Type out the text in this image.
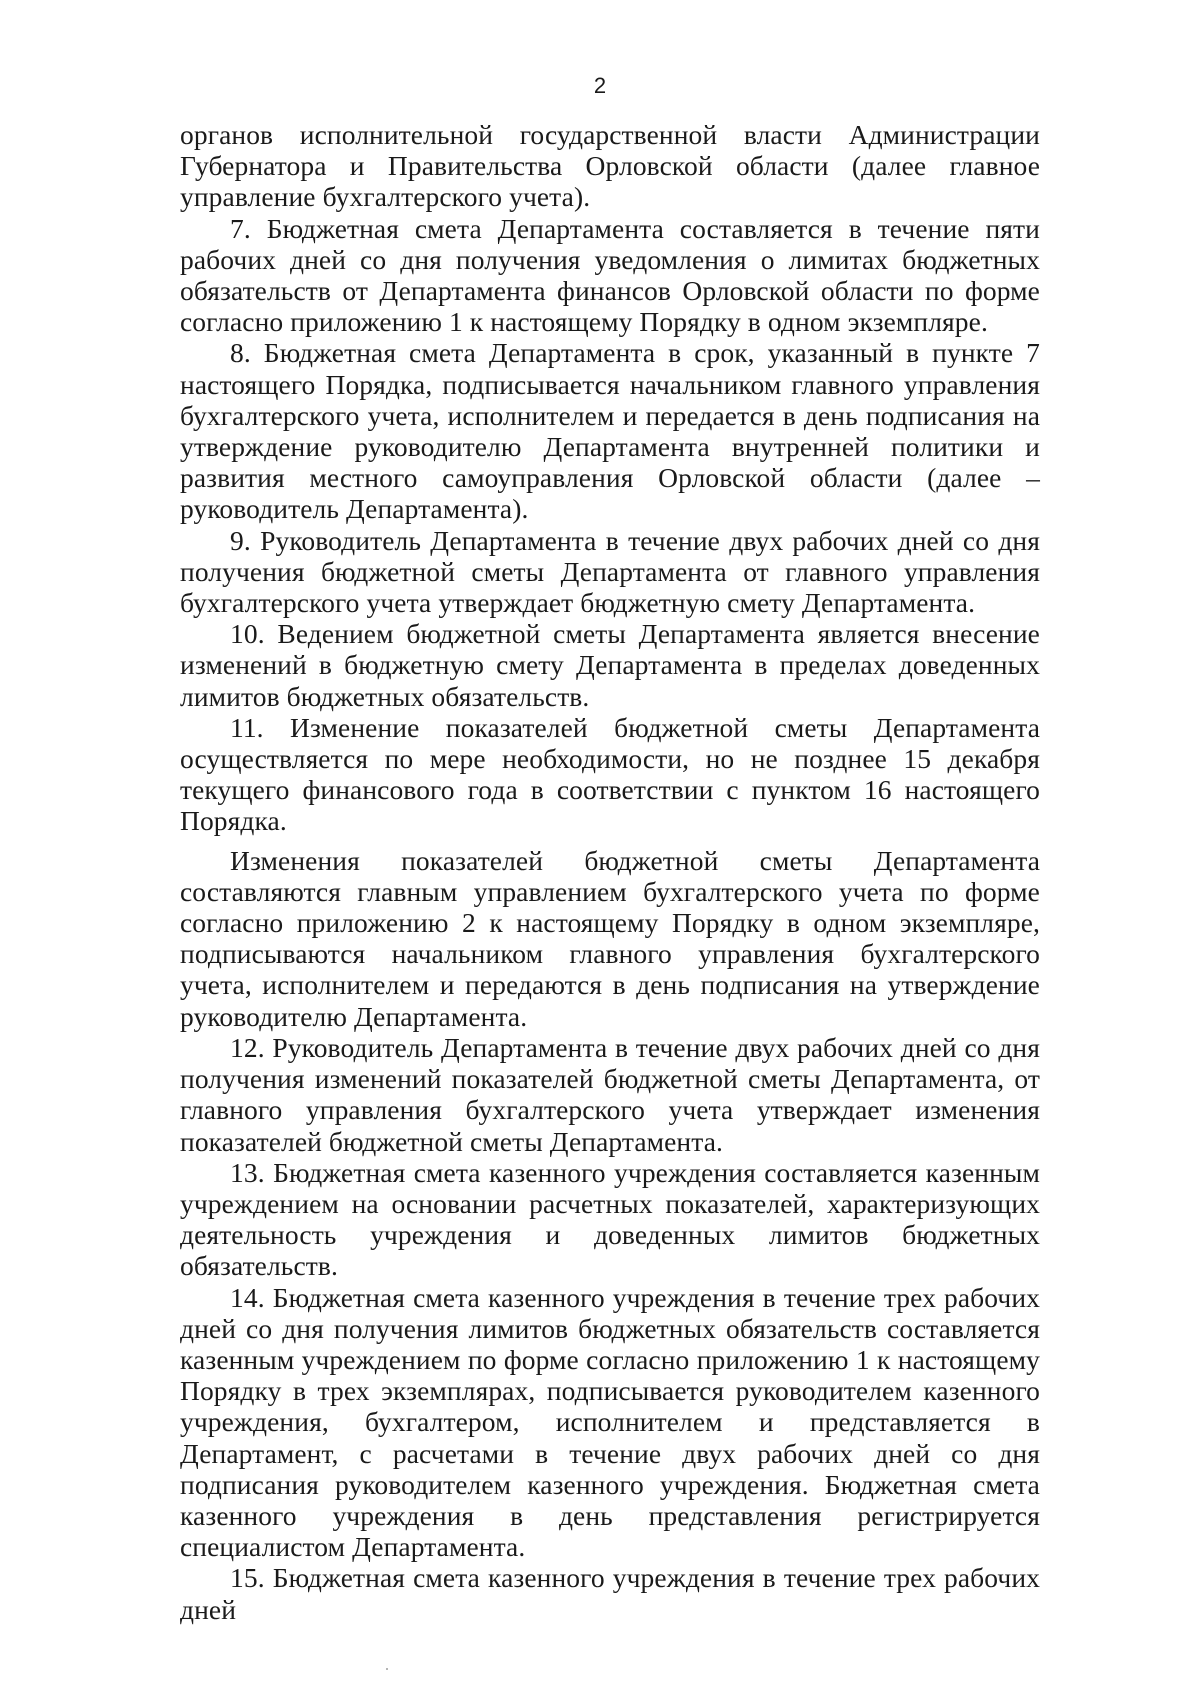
2

органов исполнительной государственной власти Администрации Губернатора и Правительства Орловской области (далее главное управление бухгалтерского учета).

7. Бюджетная смета Департамента составляется в течение пяти рабочих дней со дня получения уведомления о лимитах бюджетных обязательств от Департамента финансов Орловской области по форме согласно приложению 1 к настоящему Порядку в одном экземпляре.

8. Бюджетная смета Департамента в срок, указанный в пункте 7 настоящего Порядка, подписывается начальником главного управления бухгалтерского учета, исполнителем и передается в день подписания на утверждение руководителю Департамента внутренней политики и развития местного самоуправления Орловской области (далее – руководитель Департамента).

9. Руководитель Департамента в течение двух рабочих дней со дня получения бюджетной сметы Департамента от главного управления бухгалтерского учета утверждает бюджетную смету Департамента.

10. Ведением бюджетной сметы Департамента является внесение изменений в бюджетную смету Департамента в пределах доведенных лимитов бюджетных обязательств.

11. Изменение показателей бюджетной сметы Департамента осуществляется по мере необходимости, но не позднее 15 декабря текущего финансового года в соответствии с пунктом 16 настоящего Порядка.

Изменения показателей бюджетной сметы Департамента составляются главным управлением бухгалтерского учета по форме согласно приложению 2 к настоящему Порядку в одном экземпляре, подписываются начальником главного управления бухгалтерского учета, исполнителем и передаются в день подписания на утверждение руководителю Департамента.

12. Руководитель Департамента в течение двух рабочих дней со дня получения изменений показателей бюджетной сметы Департамента, от главного управления бухгалтерского учета утверждает изменения показателей бюджетной сметы Департамента.

13. Бюджетная смета казенного учреждения составляется казенным учреждением на основании расчетных показателей, характеризующих деятельность учреждения и доведенных лимитов бюджетных обязательств.

14. Бюджетная смета казенного учреждения в течение трех рабочих дней со дня получения лимитов бюджетных обязательств составляется казенным учреждением по форме согласно приложению 1 к настоящему Порядку в трех экземплярах, подписывается руководителем казенного учреждения, бухгалтером, исполнителем и представляется в Департамент, с расчетами в течение двух рабочих дней со дня подписания руководителем казенного учреждения. Бюджетная смета казенного учреждения в день представления регистрируется специалистом Департамента.

15. Бюджетная смета казенного учреждения в течение трех рабочих дней
